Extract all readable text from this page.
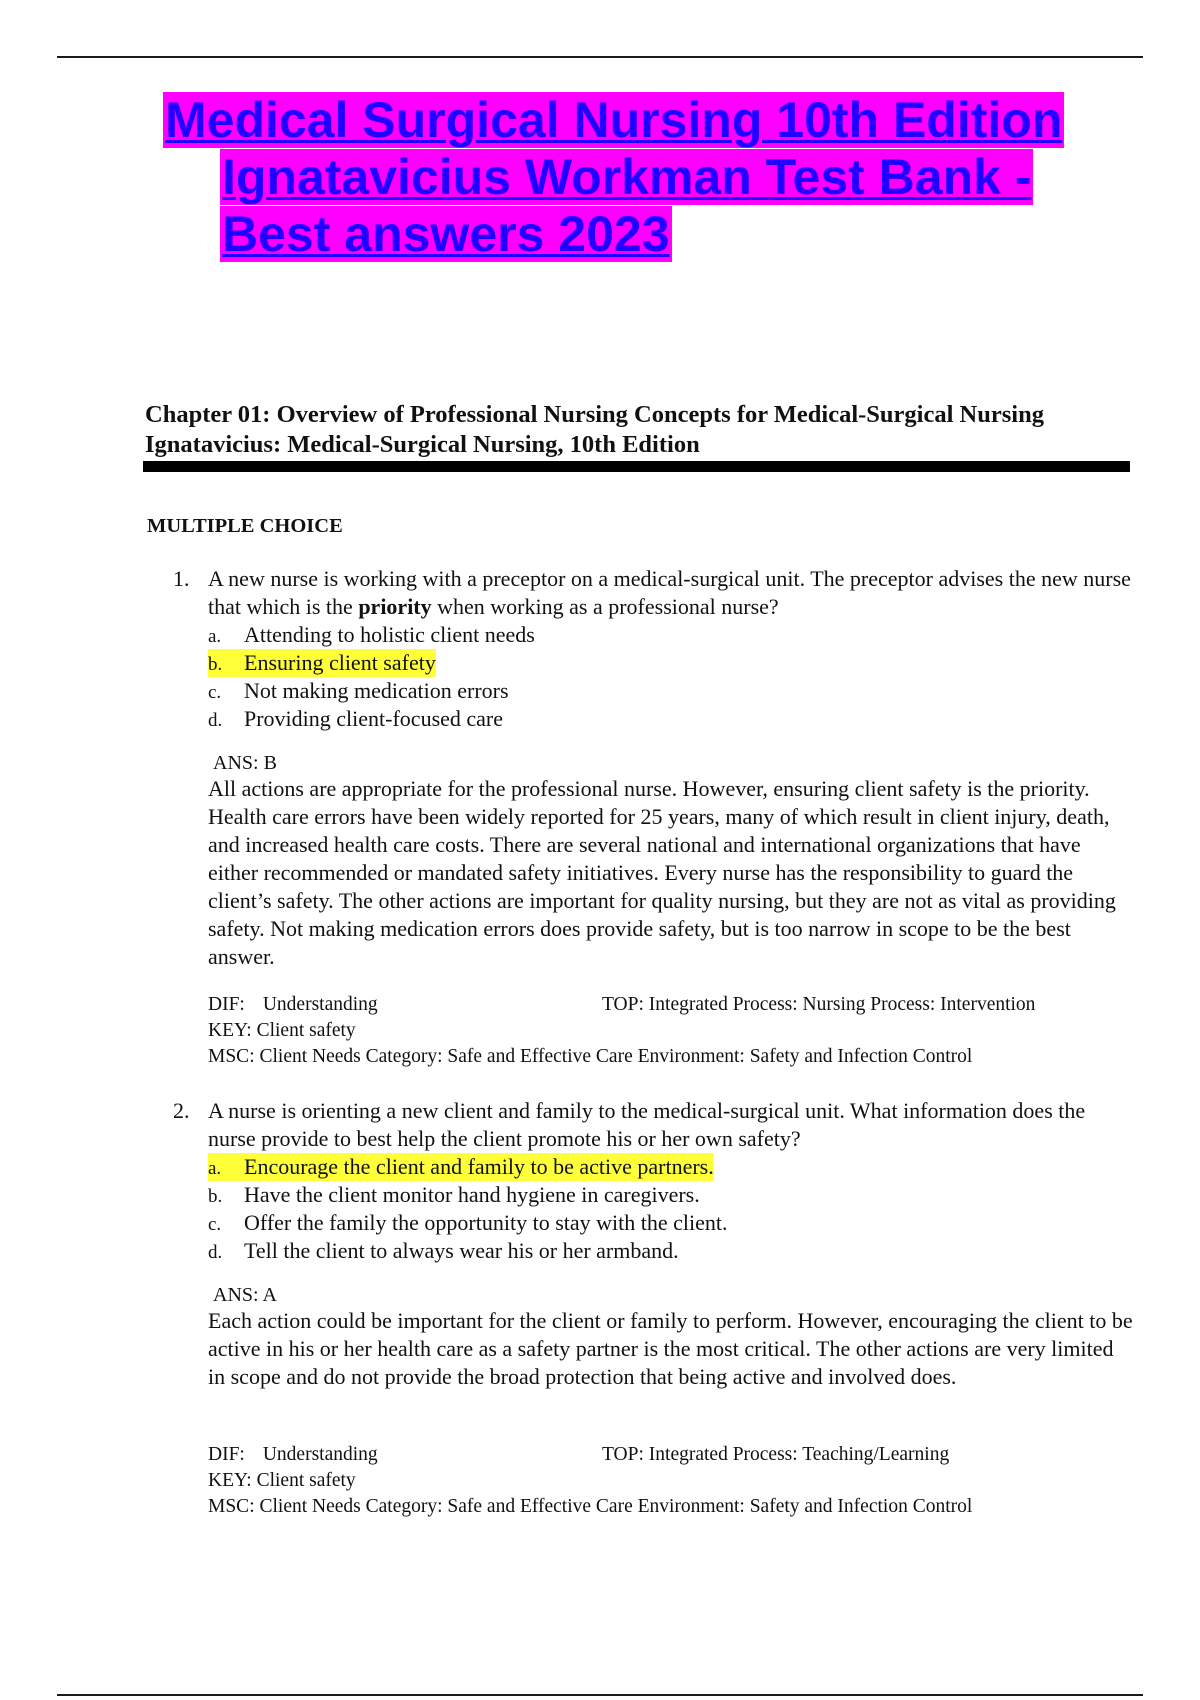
Medical Surgical Nursing 10th Edition
Ignatavicius Workman Test Bank -
Best answers 2023
Chapter 01: Overview of Professional Nursing Concepts for Medical-Surgical Nursing
Ignatavicius: Medical-Surgical Nursing, 10th Edition
MULTIPLE CHOICE
1. A new nurse is working with a preceptor on a medical-surgical unit. The preceptor advises the new nurse that which is the priority when working as a professional nurse?
a. Attending to holistic client needs
b. Ensuring client safety
c. Not making medication errors
d. Providing client-focused care
ANS: B
All actions are appropriate for the professional nurse. However, ensuring client safety is the priority. Health care errors have been widely reported for 25 years, many of which result in client injury, death, and increased health care costs. There are several national and international organizations that have either recommended or mandated safety initiatives. Every nurse has the responsibility to guard the client’s safety. The other actions are important for quality nursing, but they are not as vital as providing safety. Not making medication errors does provide safety, but is too narrow in scope to be the best answer.
DIF: Understanding	TOP: Integrated Process: Nursing Process: Intervention
KEY: Client safety
MSC: Client Needs Category: Safe and Effective Care Environment: Safety and Infection Control
2. A nurse is orienting a new client and family to the medical-surgical unit. What information does the nurse provide to best help the client promote his or her own safety?
a. Encourage the client and family to be active partners.
b. Have the client monitor hand hygiene in caregivers.
c. Offer the family the opportunity to stay with the client.
d. Tell the client to always wear his or her armband.
ANS: A
Each action could be important for the client or family to perform. However, encouraging the client to be active in his or her health care as a safety partner is the most critical. The other actions are very limited in scope and do not provide the broad protection that being active and involved does.
DIF: Understanding	TOP: Integrated Process: Teaching/Learning
KEY: Client safety
MSC: Client Needs Category: Safe and Effective Care Environment: Safety and Infection Control
